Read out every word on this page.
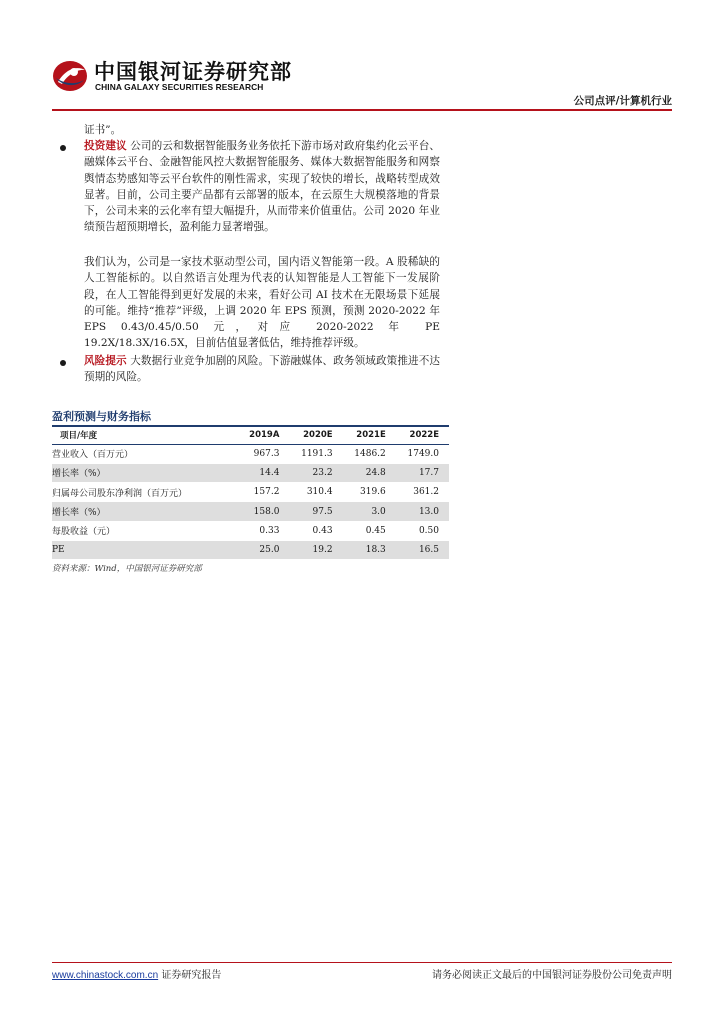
中国银河证券研究部
CHINA GALAXY SECURITIES RESEARCH
公司点评/计算机行业
证书”。
投资建议 公司的云和数据智能服务业务依托下游市场对政府集约化云平台、融媒体云平台、金融智能风控大数据智能服务、媒体大数据智能服务和网察舆情态势感知等云平台软件的刚性需求，实现了较快的增长，战略转型成效显著。目前，公司主要产品都有云部署的版本，在云原生大规模落地的背景下，公司未来的云化率有望大幅提升，从而带来价值重估。公司 2020 年业绩预告超预期增长，盈利能力显著增强。
我们认为，公司是一家技术驱动型公司，国内语义智能第一段。A 股稀缺的人工智能标的。以自然语言处理为代表的认知智能是人工智能下一发展阶段，在人工智能得到更好发展的未来，看好公司 AI 技术在无限场景下延展的可能。维持“推荐”评级，上调 2020 年 EPS 预测，预测 2020-2022 年 EPS 0.43/0.45/0.50 元，对应 2020-2022 年 PE 19.2X/18.3X/16.5X，目前估值显著低估，维持推荐评级。
风险提示 大数据行业竞争加剧的风险。下游融媒体、政务领域政策推进不达预期的风险。
盈利预测与财务指标
项目/年度	2019A	2020E	2021E	2022E
营业收入（百万元）	967.3	1191.3	1486.2	1749.0
增长率（%）	14.4	23.2	24.8	17.7
归属母公司股东净利润（百万元）	157.2	310.4	319.6	361.2
增长率（%）	158.0	97.5	3.0	13.0
每股收益（元）	0.33	0.43	0.45	0.50
PE	25.0	19.2	18.3	16.5
资料来源：Wind，中国银河证券研究部
www.chinastock.com.cn 证券研究报告	请务必阅读正文最后的中国银河证券股份公司免责声明
